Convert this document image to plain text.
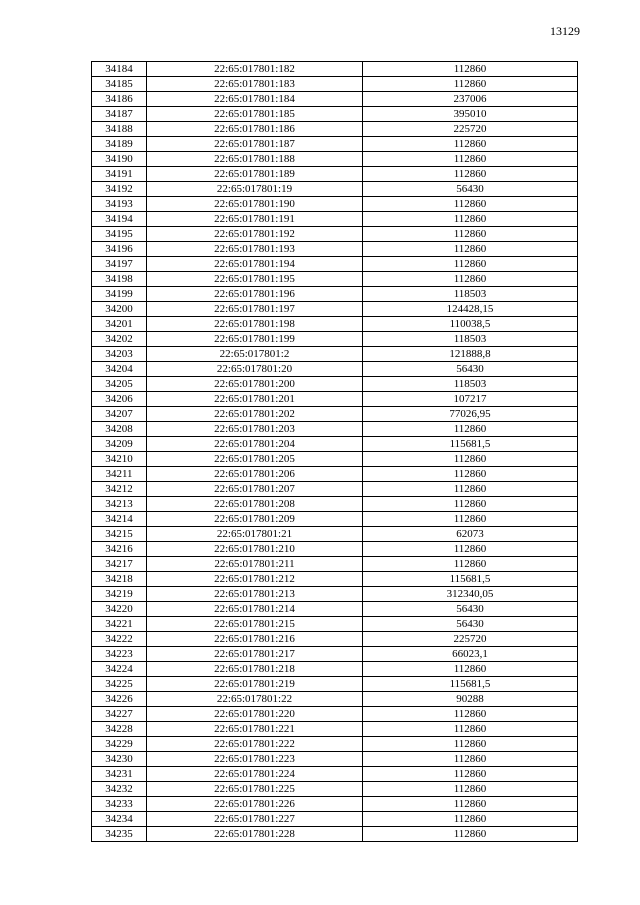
13129
34184	22:65:017801:182	112860
34185	22:65:017801:183	112860
34186	22:65:017801:184	237006
34187	22:65:017801:185	395010
34188	22:65:017801:186	225720
34189	22:65:017801:187	112860
34190	22:65:017801:188	112860
34191	22:65:017801:189	112860
34192	22:65:017801:19	56430
34193	22:65:017801:190	112860
34194	22:65:017801:191	112860
34195	22:65:017801:192	112860
34196	22:65:017801:193	112860
34197	22:65:017801:194	112860
34198	22:65:017801:195	112860
34199	22:65:017801:196	118503
34200	22:65:017801:197	124428,15
34201	22:65:017801:198	110038,5
34202	22:65:017801:199	118503
34203	22:65:017801:2	121888,8
34204	22:65:017801:20	56430
34205	22:65:017801:200	118503
34206	22:65:017801:201	107217
34207	22:65:017801:202	77026,95
34208	22:65:017801:203	112860
34209	22:65:017801:204	115681,5
34210	22:65:017801:205	112860
34211	22:65:017801:206	112860
34212	22:65:017801:207	112860
34213	22:65:017801:208	112860
34214	22:65:017801:209	112860
34215	22:65:017801:21	62073
34216	22:65:017801:210	112860
34217	22:65:017801:211	112860
34218	22:65:017801:212	115681,5
34219	22:65:017801:213	312340,05
34220	22:65:017801:214	56430
34221	22:65:017801:215	56430
34222	22:65:017801:216	225720
34223	22:65:017801:217	66023,1
34224	22:65:017801:218	112860
34225	22:65:017801:219	115681,5
34226	22:65:017801:22	90288
34227	22:65:017801:220	112860
34228	22:65:017801:221	112860
34229	22:65:017801:222	112860
34230	22:65:017801:223	112860
34231	22:65:017801:224	112860
34232	22:65:017801:225	112860
34233	22:65:017801:226	112860
34234	22:65:017801:227	112860
34235	22:65:017801:228	112860
